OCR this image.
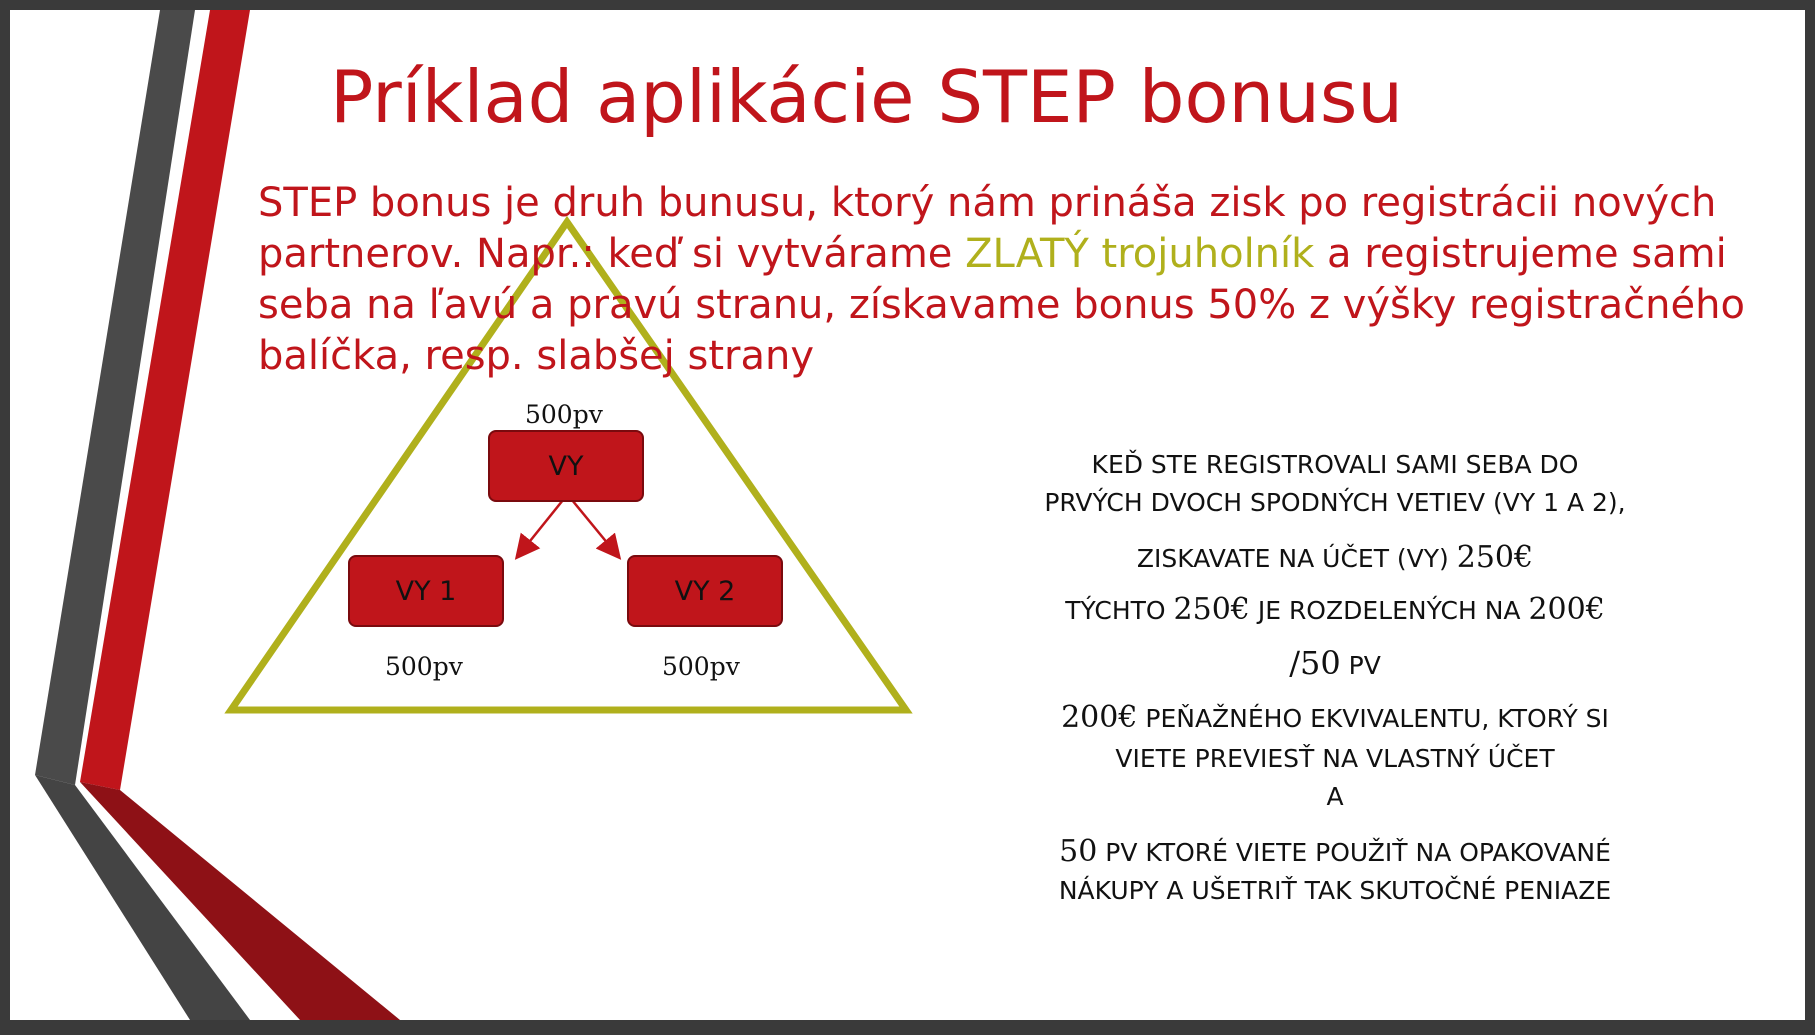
Príklad aplikácie STEP bonusu

STEP bonus je druh bunusu, ktorý nám prináša zisk po registrácii nových partnerov. Napr.: keď si vytvárame ZLATÝ trojuholník a registrujeme sami seba na ľavú a pravú stranu, získavame bonus 50% z výšky registračného balíčka, resp. slabšej strany

500pv
VY
VY 1
500pv
VY 2
500pv
KEĎ STE REGISTROVALI SAMI SEBA DO
PRVÝCH DVOCH SPODNÝCH VETIEV (VY 1 A 2),
ZISKAVATE NA ÚČET (VY) 250€
TÝCHTO 250€ JE ROZDELENÝCH NA 200€
/50 PV
200€ PEŇAŽNÉHO EKVIVALENTU, KTORÝ SI
VIETE PREVIESŤ NA VLASTNÝ ÚČET
A
50 PV KTORÉ VIETE POUŽIŤ NA OPAKOVANÉ
NÁKUPY A UŠETRIŤ TAK SKUTOČNÉ PENIAZE
